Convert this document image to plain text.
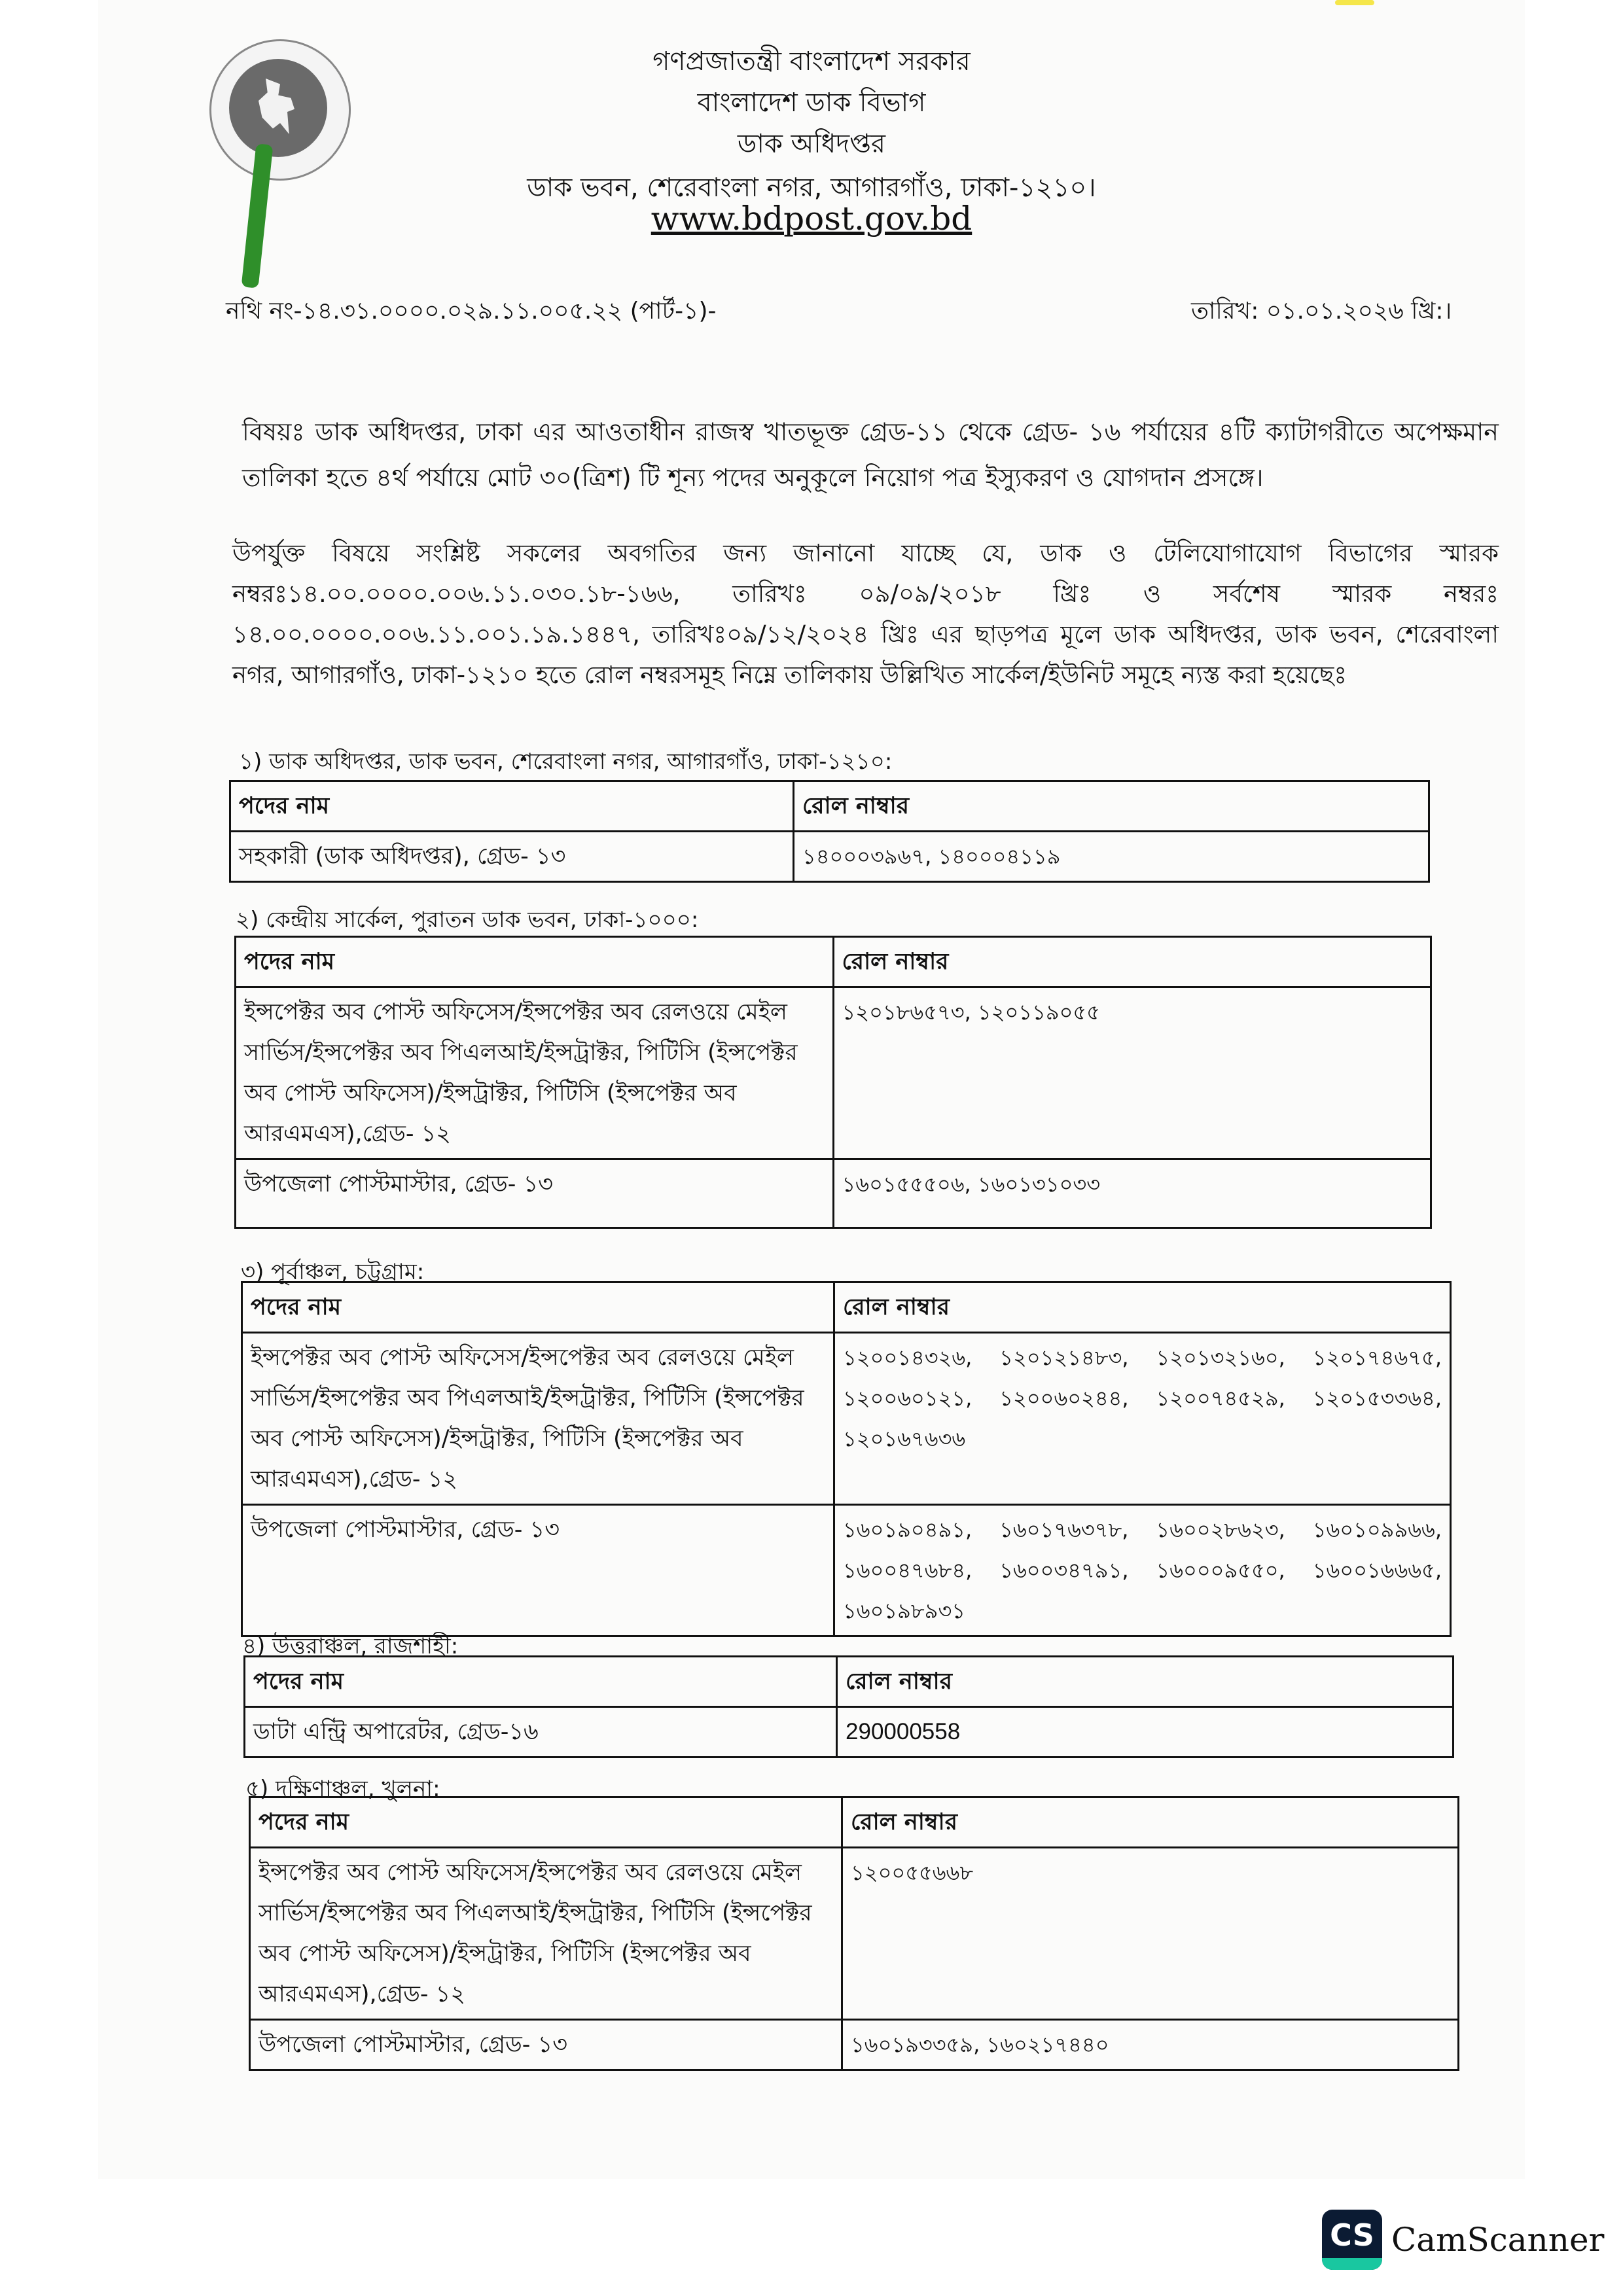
গণপ্রজাতন্ত্রী বাংলাদেশ সরকার
বাংলাদেশ ডাক বিভাগ
ডাক অধিদপ্তর
ডাক ভবন, শেরেবাংলা নগর, আগারগাঁও, ঢাকা-১২১০।
www.bdpost.gov.bd
নথি নং-১৪.৩১.০০০০.০২৯.১১.০০৫.২২ (পার্ট-১)-	তারিখ: ০১.০১.২০২৬ খ্রি:।
বিষয়ঃ ডাক অধিদপ্তর, ঢাকা এর আওতাধীন রাজস্ব খাতভূক্ত গ্রেড-১১ থেকে গ্রেড- ১৬ পর্যায়ের ৪টি ক্যাটাগরীতে অপেক্ষমান তালিকা হতে ৪র্থ পর্যায়ে মোট ৩০(ত্রিশ) টি শূন্য পদের অনুকূলে নিয়োগ পত্র ইস্যুকরণ ও যোগদান প্রসঙ্গে।
উপর্যুক্ত বিষয়ে সংশ্লিষ্ট সকলের অবগতির জন্য জানানো যাচ্ছে যে, ডাক ও টেলিযোগাযোগ বিভাগের স্মারক নম্বরঃ১৪.০০.০০০০.০০৬.১১.০৩০.১৮-১৬৬, তারিখঃ ০৯/০৯/২০১৮ খ্রিঃ ও সর্বশেষ স্মারক নম্বরঃ ১৪.০০.০০০০.০০৬.১১.০০১.১৯.১৪৪৭, তারিখঃ০৯/১২/২০২৪ খ্রিঃ এর ছাড়পত্র মূলে ডাক অধিদপ্তর, ডাক ভবন, শেরেবাংলা নগর, আগারগাঁও, ঢাকা-১২১০ হতে রোল নম্বরসমূহ নিম্নে তালিকায় উল্লিখিত সার্কেল/ইউনিট সমূহে ন্যস্ত করা হয়েছেঃ
১) ডাক অধিদপ্তর, ডাক ভবন, শেরেবাংলা নগর, আগারগাঁও, ঢাকা-১২১০:
পদের নাম	রোল নাম্বার
সহকারী (ডাক অধিদপ্তর), গ্রেড- ১৩	১৪০০০৩৯৬৭, ১৪০০০৪১১৯
২) কেন্দ্রীয় সার্কেল, পুরাতন ডাক ভবন, ঢাকা-১০০০:
পদের নাম	রোল নাম্বার
ইন্সপেক্টর অব পোস্ট অফিসেস/ইন্সপেক্টর অব রেলওয়ে মেইল সার্ভিস/ইন্সপেক্টর অব পিএলআই/ইন্সট্রাক্টর, পিটিসি (ইন্সপেক্টর অব পোস্ট অফিসেস)/ইন্সট্রাক্টর, পিটিসি (ইন্সপেক্টর অব আরএমএস),গ্রেড- ১২	১২০১৮৬৫৭৩, ১২০১১৯০৫৫
উপজেলা পোস্টমাস্টার, গ্রেড- ১৩	১৬০১৫৫৫০৬, ১৬০১৩১০৩৩
৩) পূর্বাঞ্চল, চট্টগ্রাম:
পদের নাম	রোল নাম্বার
ইন্সপেক্টর অব পোস্ট অফিসেস/ইন্সপেক্টর অব রেলওয়ে মেইল সার্ভিস/ইন্সপেক্টর অব পিএলআই/ইন্সট্রাক্টর, পিটিসি (ইন্সপেক্টর অব পোস্ট অফিসেস)/ইন্সট্রাক্টর, পিটিসি (ইন্সপেক্টর অব আরএমএস),গ্রেড- ১২	১২০০১৪৩২৬, ১২০১২১৪৮৩, ১২০১৩২১৬০, ১২০১৭৪৬৭৫, ১২০০৬০১২১, ১২০০৬০২৪৪, ১২০০৭৪৫২৯, ১২০১৫৩৩৬৪, ১২০১৬৭৬৩৬
উপজেলা পোস্টমাস্টার, গ্রেড- ১৩	১৬০১৯০৪৯১, ১৬০১৭৬৩৭৮, ১৬০০২৮৬২৩, ১৬০১০৯৯৬৬, ১৬০০৪৭৬৮৪, ১৬০০৩৪৭৯১, ১৬০০০৯৫৫০, ১৬০০১৬৬৬৫, ১৬০১৯৮৯৩১
৪) উত্তরাঞ্চল, রাজশাহী:
পদের নাম	রোল নাম্বার
ডাটা এন্ট্রি অপারেটর, গ্রেড-১৬	290000558
৫) দক্ষিণাঞ্চল, খুলনা:
পদের নাম	রোল নাম্বার
ইন্সপেক্টর অব পোস্ট অফিসেস/ইন্সপেক্টর অব রেলওয়ে মেইল সার্ভিস/ইন্সপেক্টর অব পিএলআই/ইন্সট্রাক্টর, পিটিসি (ইন্সপেক্টর অব পোস্ট অফিসেস)/ইন্সট্রাক্টর, পিটিসি (ইন্সপেক্টর অব আরএমএস),গ্রেড- ১২	১২০০৫৫৬৬৮
উপজেলা পোস্টমাস্টার, গ্রেড- ১৩	১৬০১৯৩৩৫৯, ১৬০২১৭৪৪০
CS CamScanner
